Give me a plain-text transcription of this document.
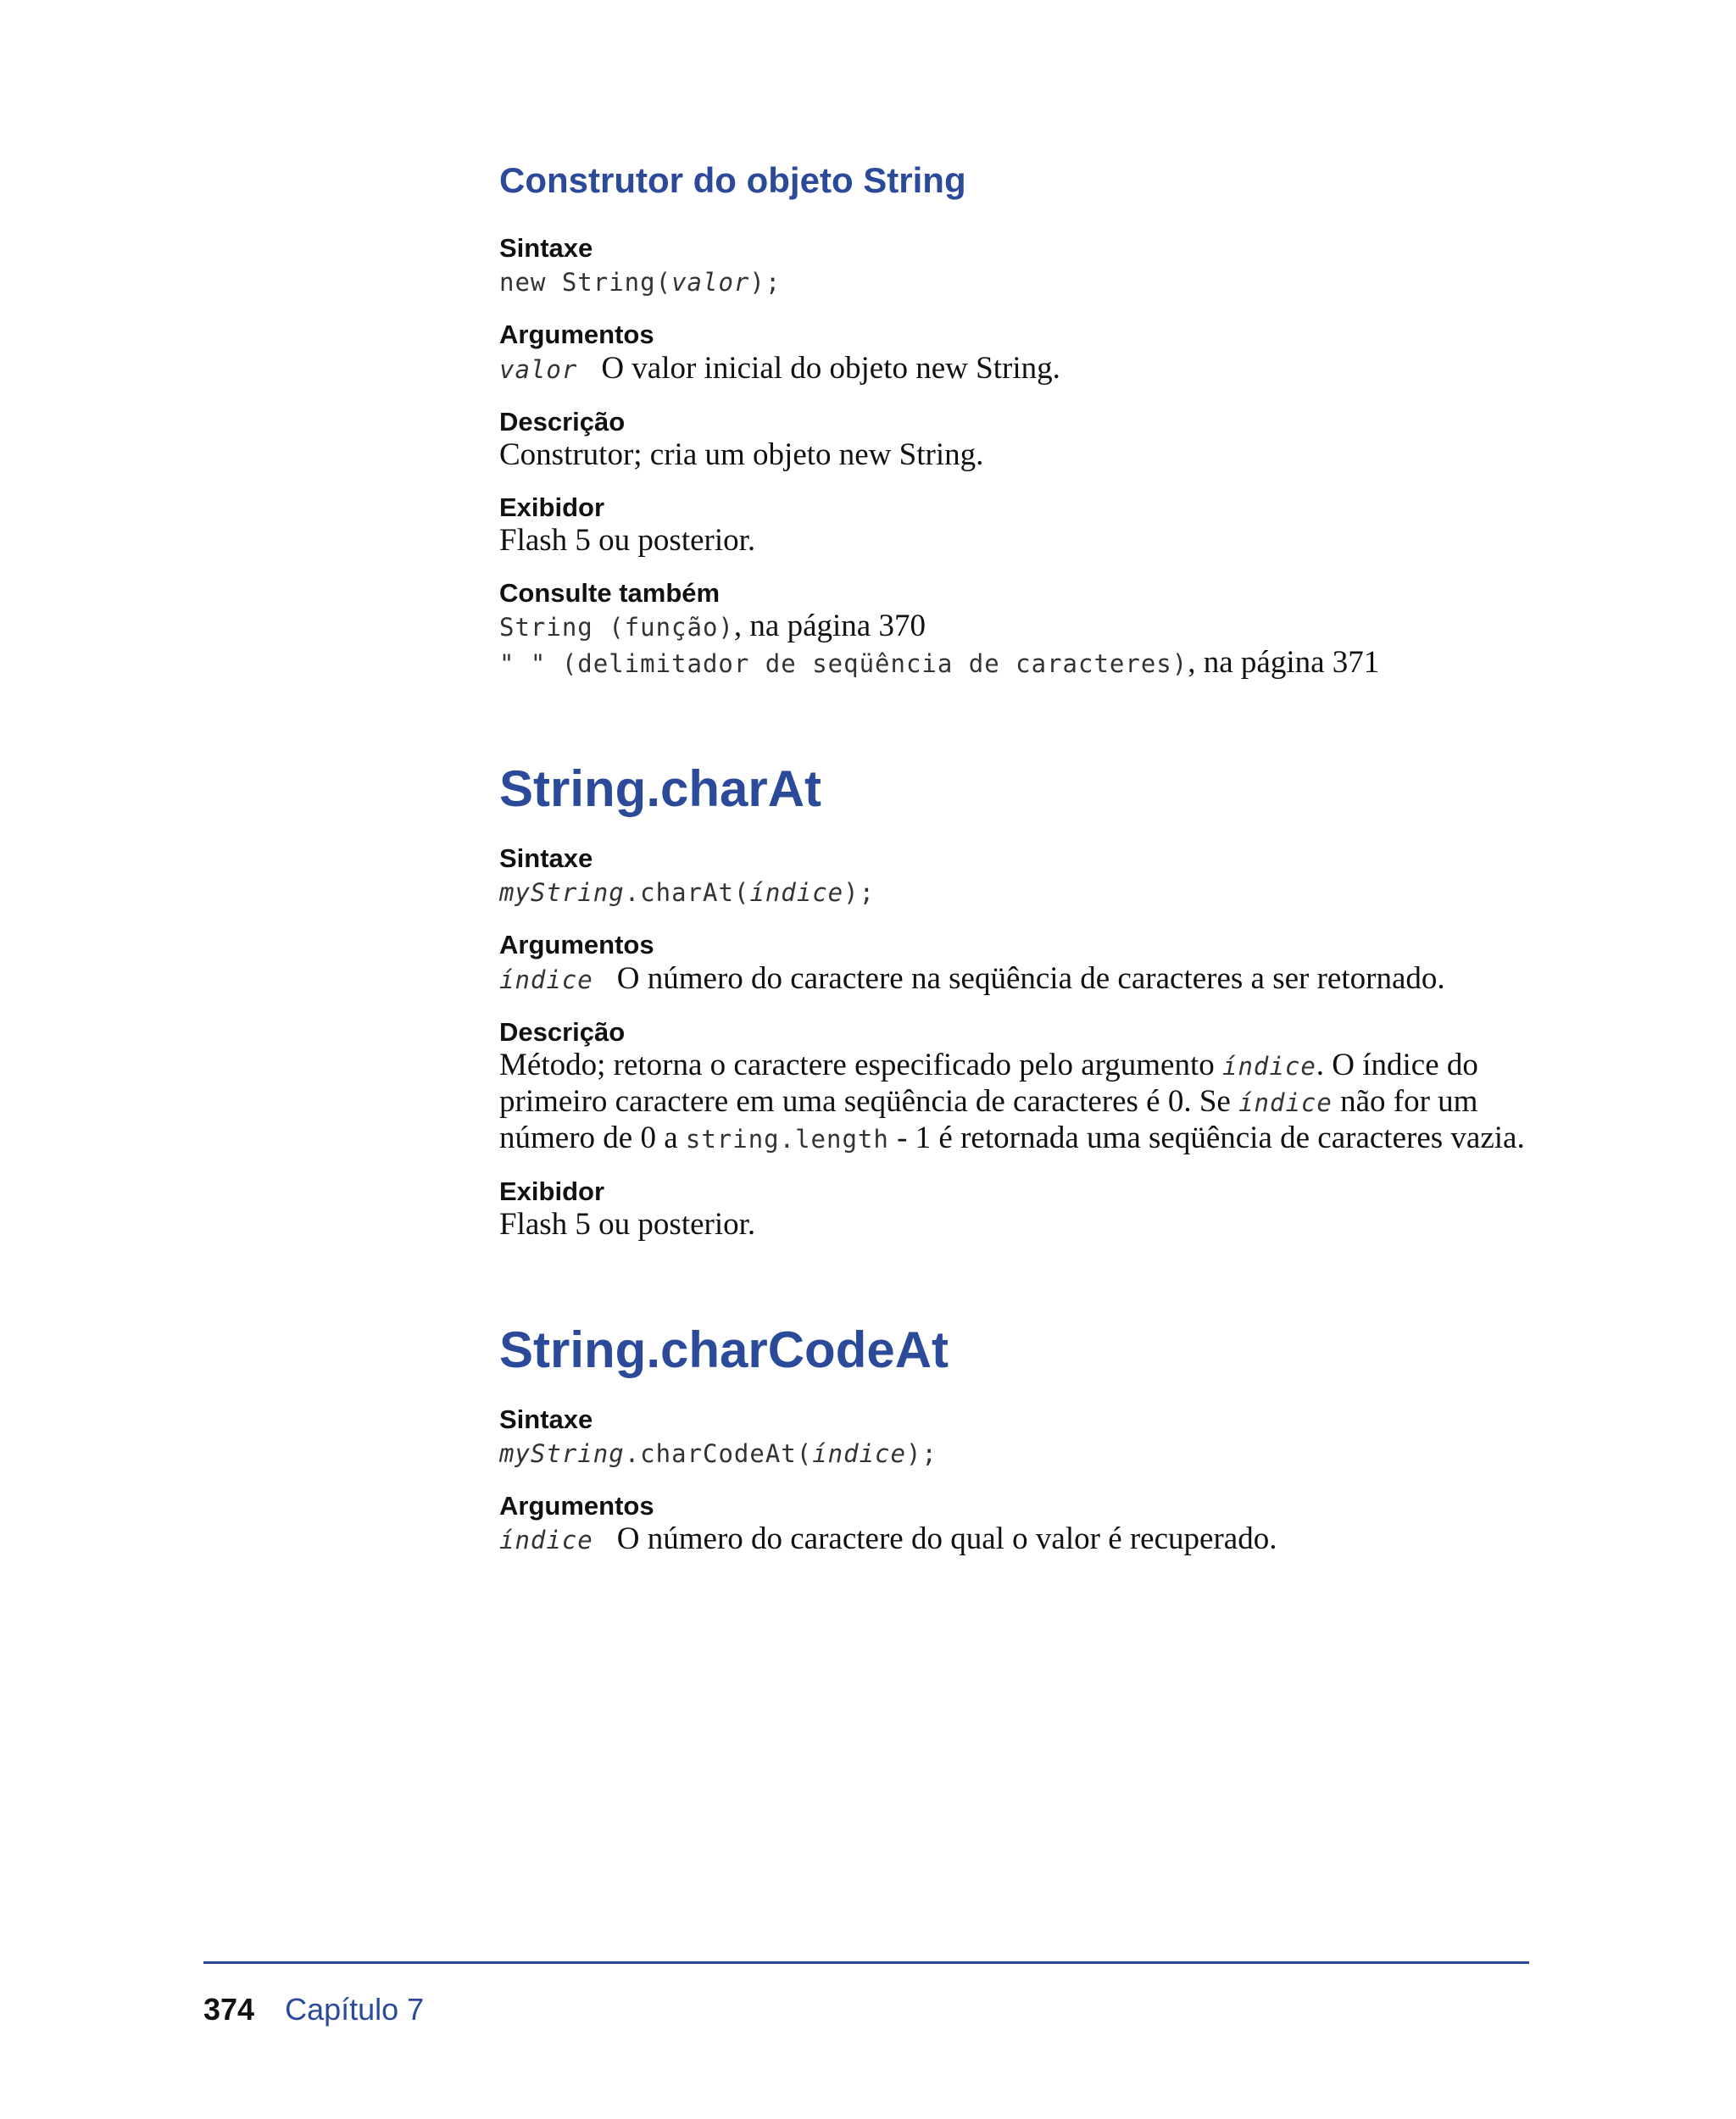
Construtor do objeto String

Sintaxe

new String(valor);

Argumentos

valor O valor inicial do objeto new String.

Descrição

Construtor; cria um objeto new String.

Exibidor

Flash 5 ou posterior.

Consulte também

String (função), na página 370

" " (delimitador de seqüência de caracteres), na página 371

String.charAt

Sintaxe

myString.charAt(índice);

Argumentos

índice O número do caractere na seqüência de caracteres a ser retornado.

Descrição

Método; retorna o caractere especificado pelo argumento índice. O índice do primeiro caractere em uma seqüência de caracteres é 0. Se índice não for um número de 0 a string.length - 1 é retornada uma seqüência de caracteres vazia.

Exibidor

Flash 5 ou posterior.

String.charCodeAt

Sintaxe

myString.charCodeAt(índice);

Argumentos

índice O número do caractere do qual o valor é recuperado.

374 Capítulo 7
